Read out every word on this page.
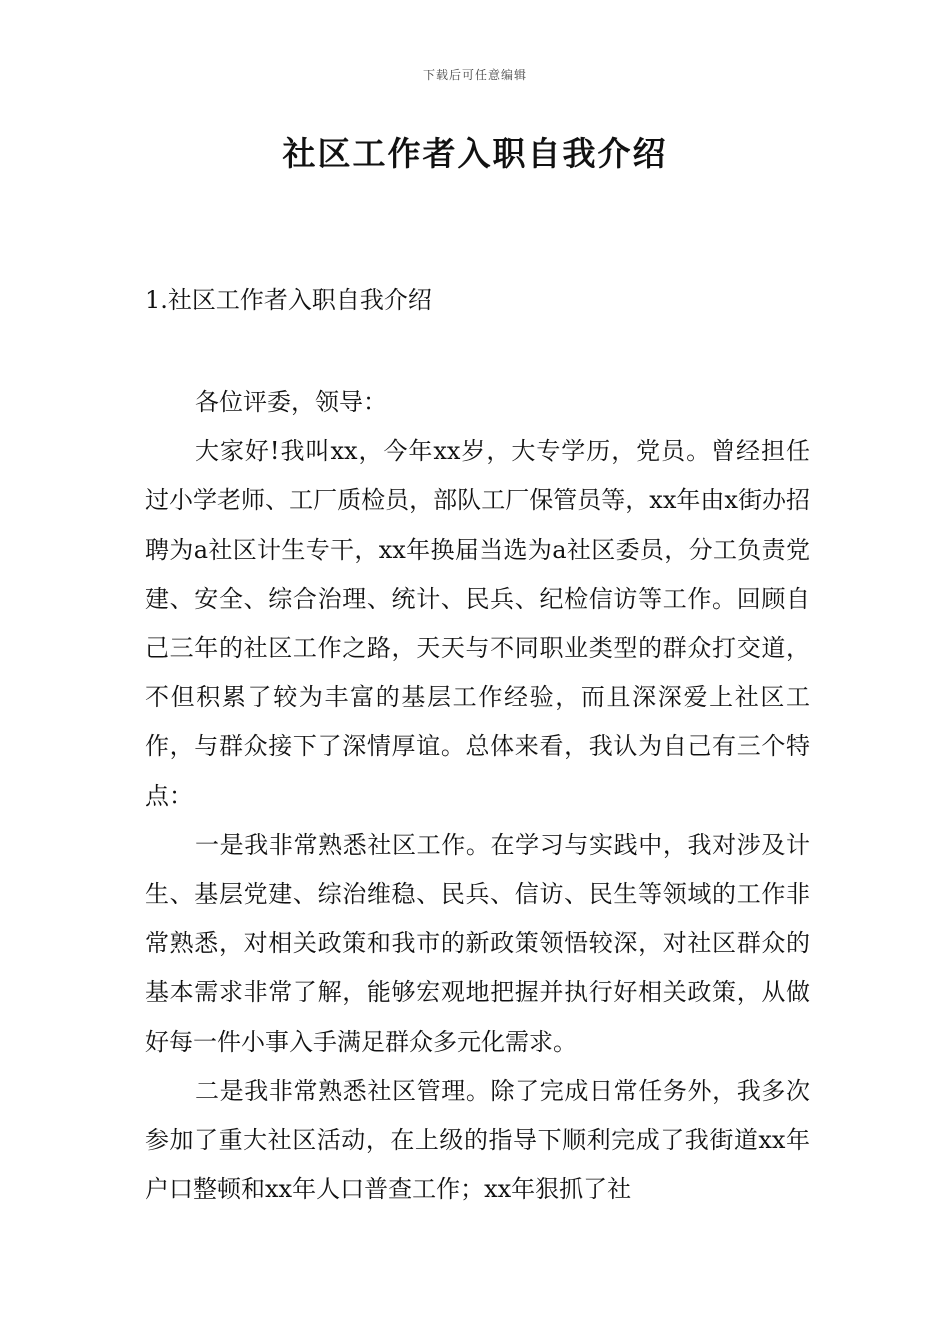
下载后可任意编辑
社区工作者入职自我介绍
1.社区工作者入职自我介绍

各位评委，领导：

大家好!我叫xx，今年xx岁，大专学历，党员。曾经担任过小学老师、工厂质检员，部队工厂保管员等，xx年由x街办招聘为a社区计生专干，xx年换届当选为a社区委员，分工负责党建、安全、综合治理、统计、民兵、纪检信访等工作。回顾自己三年的社区工作之路，天天与不同职业类型的群众打交道，不但积累了较为丰富的基层工作经验，而且深深爱上社区工作，与群众接下了深情厚谊。总体来看，我认为自己有三个特点：

一是我非常熟悉社区工作。在学习与实践中，我对涉及计生、基层党建、综治维稳、民兵、信访、民生等领域的工作非常熟悉，对相关政策和我市的新政策领悟较深，对社区群众的基本需求非常了解，能够宏观地把握并执行好相关政策，从做好每一件小事入手满足群众多元化需求。

二是我非常熟悉社区管理。除了完成日常任务外，我多次参加了重大社区活动，在上级的指导下顺利完成了我街道xx年户口整顿和xx年人口普查工作；xx年狠抓了社
